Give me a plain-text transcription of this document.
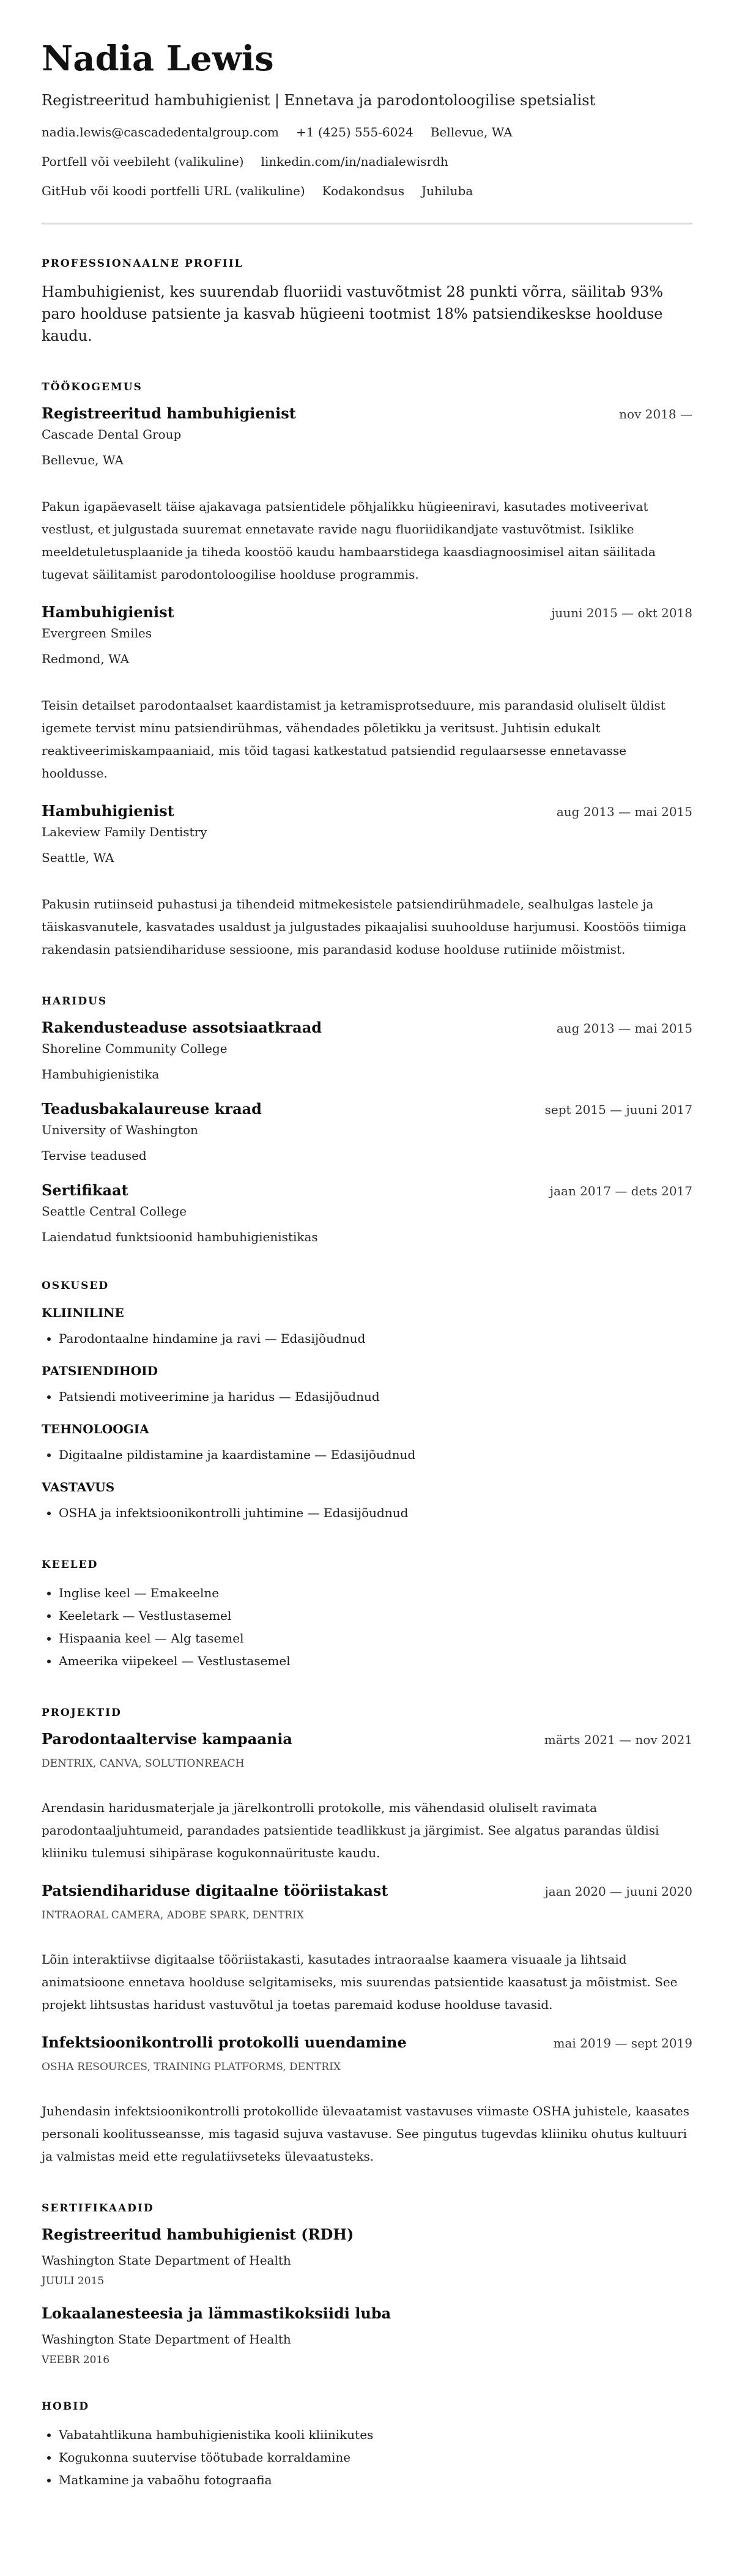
Nadia Lewis
Registreeritud hambuhigienist | Ennetava ja parodontoloogilise spetsialist
nadia.lewis@cascadedentalgroup.com +1 (425) 555-6024 Bellevue, WA
Portfell või veebileht (valikuline) linkedin.com/in/nadialewisrdh
GitHub või koodi portfelli URL (valikuline) Kodakondsus Juhiluba
PROFESSIONAALNE PROFIIL

Hambuhigienist, kes suurendab fluoriidi vastuvõtmist 28 punkti võrra, säilitab 93% paro hoolduse patsiente ja kasvab hügieeni tootmist 18% patsiendikeskse hoolduse kaudu.

TÖÖKOGEMUS
Registreeritud hambuhigienist	nov 2018 —
Cascade Dental Group
Bellevue, WA

Pakun igapäevaselt täise ajakavaga patsientidele põhjalikku hügieeniravi, kasutades motiveerivat vestlust, et julgustada suuremat ennetavate ravide nagu fluoriidikandjate vastuvõtmist. Isiklike meeldetuletusplaanide ja tiheda koostöö kaudu hambaarstidega kaasdiagnoosimisel aitan säilitada tugevat säilitamist parodontoloogilise hoolduse programmis.

Hambuhigienist	juuni 2015 — okt 2018
Evergreen Smiles
Redmond, WA

Teisin detailset parodontaalset kaardistamist ja ketramisprotseduure, mis parandasid oluliselt üldist igemete tervist minu patsiendirühmas, vähendades põletikku ja veritsust. Juhtisin edukalt reaktiveerimiskampaaniaid, mis tõid tagasi katkestatud patsiendid regulaarsesse ennetavasse hooldusse.

Hambuhigienist	aug 2013 — mai 2015
Lakeview Family Dentistry
Seattle, WA

Pakusin rutiinseid puhastusi ja tihendeid mitmekesistele patsiendirühmadele, sealhulgas lastele ja täiskasvanutele, kasvatades usaldust ja julgustades pikaajalisi suuhoolduse harjumusi. Koostöös tiimiga rakendasin patsiendihariduse sessioone, mis parandasid koduse hoolduse rutiinide mõistmist.

HARIDUS
Rakendusteaduse assotsiaatkraad	aug 2013 — mai 2015
Shoreline Community College
Hambuhigienistika
Teadusbakalaureuse kraad	sept 2015 — juuni 2017
University of Washington
Tervise teadused
Sertifikaat	jaan 2017 — dets 2017
Seattle Central College
Laiendatud funktsioonid hambuhigienistikas
OSKUSED
KLIINILINE
• Parodontaalne hindamine ja ravi — Edasijõudnud
PATSIENDIHOID
• Patsiendi motiveerimine ja haridus — Edasijõudnud
TEHNOLOOGIA
• Digitaalne pildistamine ja kaardistamine — Edasijõudnud
VASTAVUS
• OSHA ja infektsioonikontrolli juhtimine — Edasijõudnud
KEELED
• Inglise keel — Emakeelne
• Keeletark — Vestlustasemel
• Hispaania keel — Alg tasemel
• Ameerika viipekeel — Vestlustasemel
PROJEKTID
Parodontaaltervise kampaania	märts 2021 — nov 2021
DENTRIX, CANVA, SOLUTIONREACH

Arendasin haridusmaterjale ja järelkontrolli protokolle, mis vähendasid oluliselt ravimata parodontaaljuhtumeid, parandades patsientide teadlikkust ja järgimist. See algatus parandas üldisi kliiniku tulemusi sihipärase kogukonnaürituste kaudu.

Patsiendihariduse digitaalne tööriistakast	jaan 2020 — juuni 2020
INTRAORAL CAMERA, ADOBE SPARK, DENTRIX

Lõin interaktiivse digitaalse tööriistakasti, kasutades intraoraalse kaamera visuaale ja lihtsaid animatsioone ennetava hoolduse selgitamiseks, mis suurendas patsientide kaasatust ja mõistmist. See projekt lihtsustas haridust vastuvõtul ja toetas paremaid koduse hoolduse tavasid.

Infektsioonikontrolli protokolli uuendamine	mai 2019 — sept 2019
OSHA RESOURCES, TRAINING PLATFORMS, DENTRIX

Juhendasin infektsioonikontrolli protokollide ülevaatamist vastavuses viimaste OSHA juhistele, kaasates personali koolitusseansse, mis tagasid sujuva vastavuse. See pingutus tugevdas kliiniku ohutus kultuuri ja valmistas meid ette regulatiivseteks ülevaatusteks.

SERTIFIKAADID
Registreeritud hambuhigienist (RDH)
Washington State Department of Health
JUULI 2015
Lokaalanesteesia ja lämmastikoksiidi luba
Washington State Department of Health
VEEBR 2016
HOBID
• Vabatahtlikuna hambuhigienistika kooli kliinikutes
• Kogukonna suutervise töötubade korraldamine
• Matkamine ja vabaõhu fotograafia
